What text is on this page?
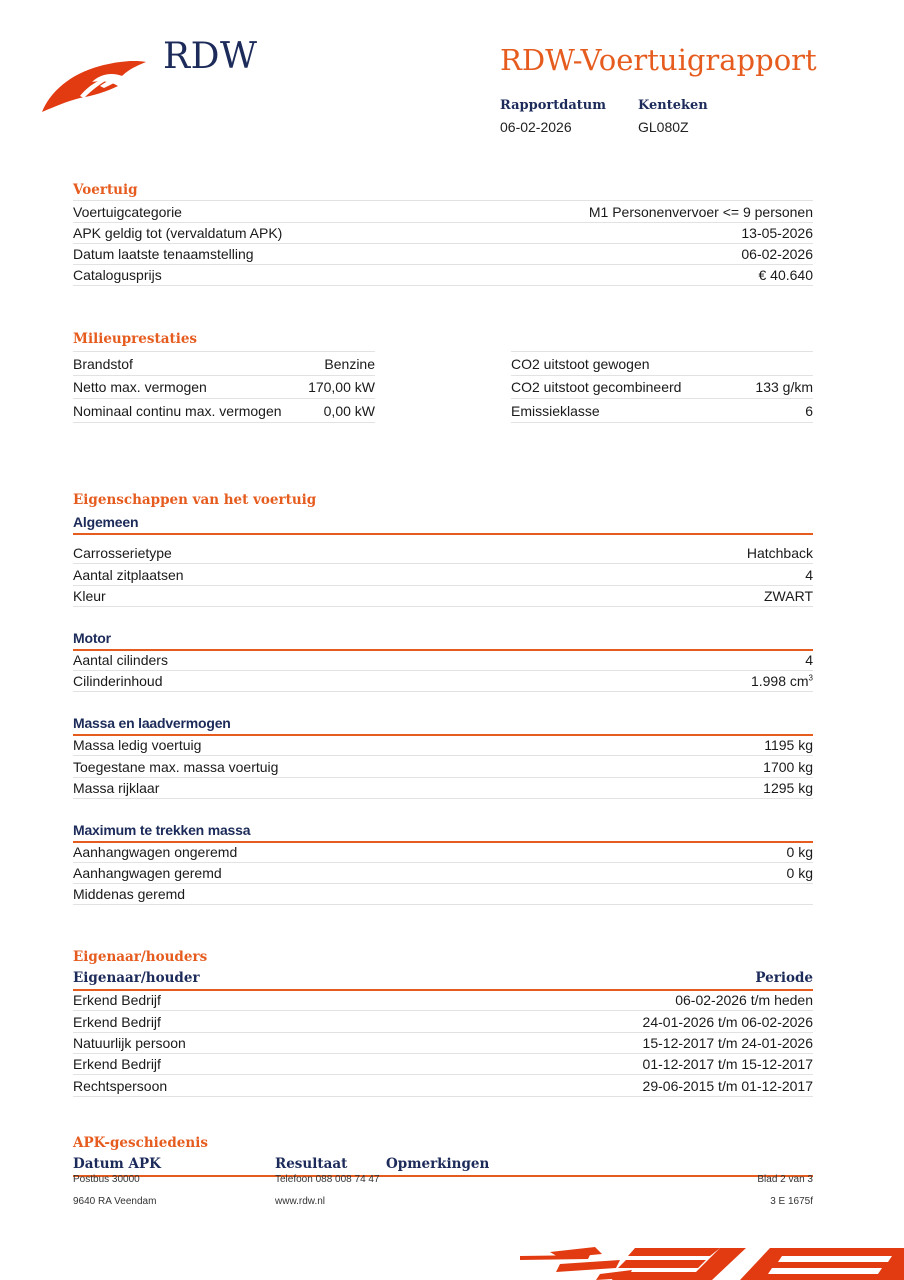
RDW	RDW-Voertuigrapport
Rapportdatum
06-02-2026
Kenteken
GL080Z
Voertuig
Voertuigcategorie	M1 Personenvervoer <= 9 personen
APK geldig tot (vervaldatum APK)	13-05-2026
Datum laatste tenaamstelling	06-02-2026
Catalogusprijs	€ 40.640
Milieuprestaties
Brandstof	Benzine
Netto max. vermogen	170,00 kW
Nominaal continu max. vermogen	0,00 kW
CO2 uitstoot gewogen
CO2 uitstoot gecombineerd	133 g/km
Emissieklasse	6
Eigenschappen van het voertuig
Algemeen
Carrosserietype	Hatchback
Aantal zitplaatsen	4
Kleur	ZWART
Motor
Aantal cilinders	4
Cilinderinhoud	1.998 $cm^3$
Massa en laadvermogen
Massa ledig voertuig	1195 kg
Toegestane max. massa voertuig	1700 kg
Massa rijklaar	1295 kg
Maximum te trekken massa
Aanhangwagen ongeremd	0 kg
Aanhangwagen geremd	0 kg
Middenas geremd
Eigenaar/houders
Eigenaar/houder	Periode
Erkend Bedrijf	06-02-2026 t/m heden
Erkend Bedrijf	24-01-2026 t/m 06-02-2026
Natuurlijk persoon	15-12-2017 t/m 24-01-2026
Erkend Bedrijf	01-12-2017 t/m 15-12-2017
Rechtspersoon	29-06-2015 t/m 01-12-2017
APK-geschiedenis
Datum APK	Resultaat	Opmerkingen
Postbus 30000
9640 RA Veendam
Telefoon 088 008 74 47
www.rdw.nl
Blad 2 van 3
3 E 1675f
